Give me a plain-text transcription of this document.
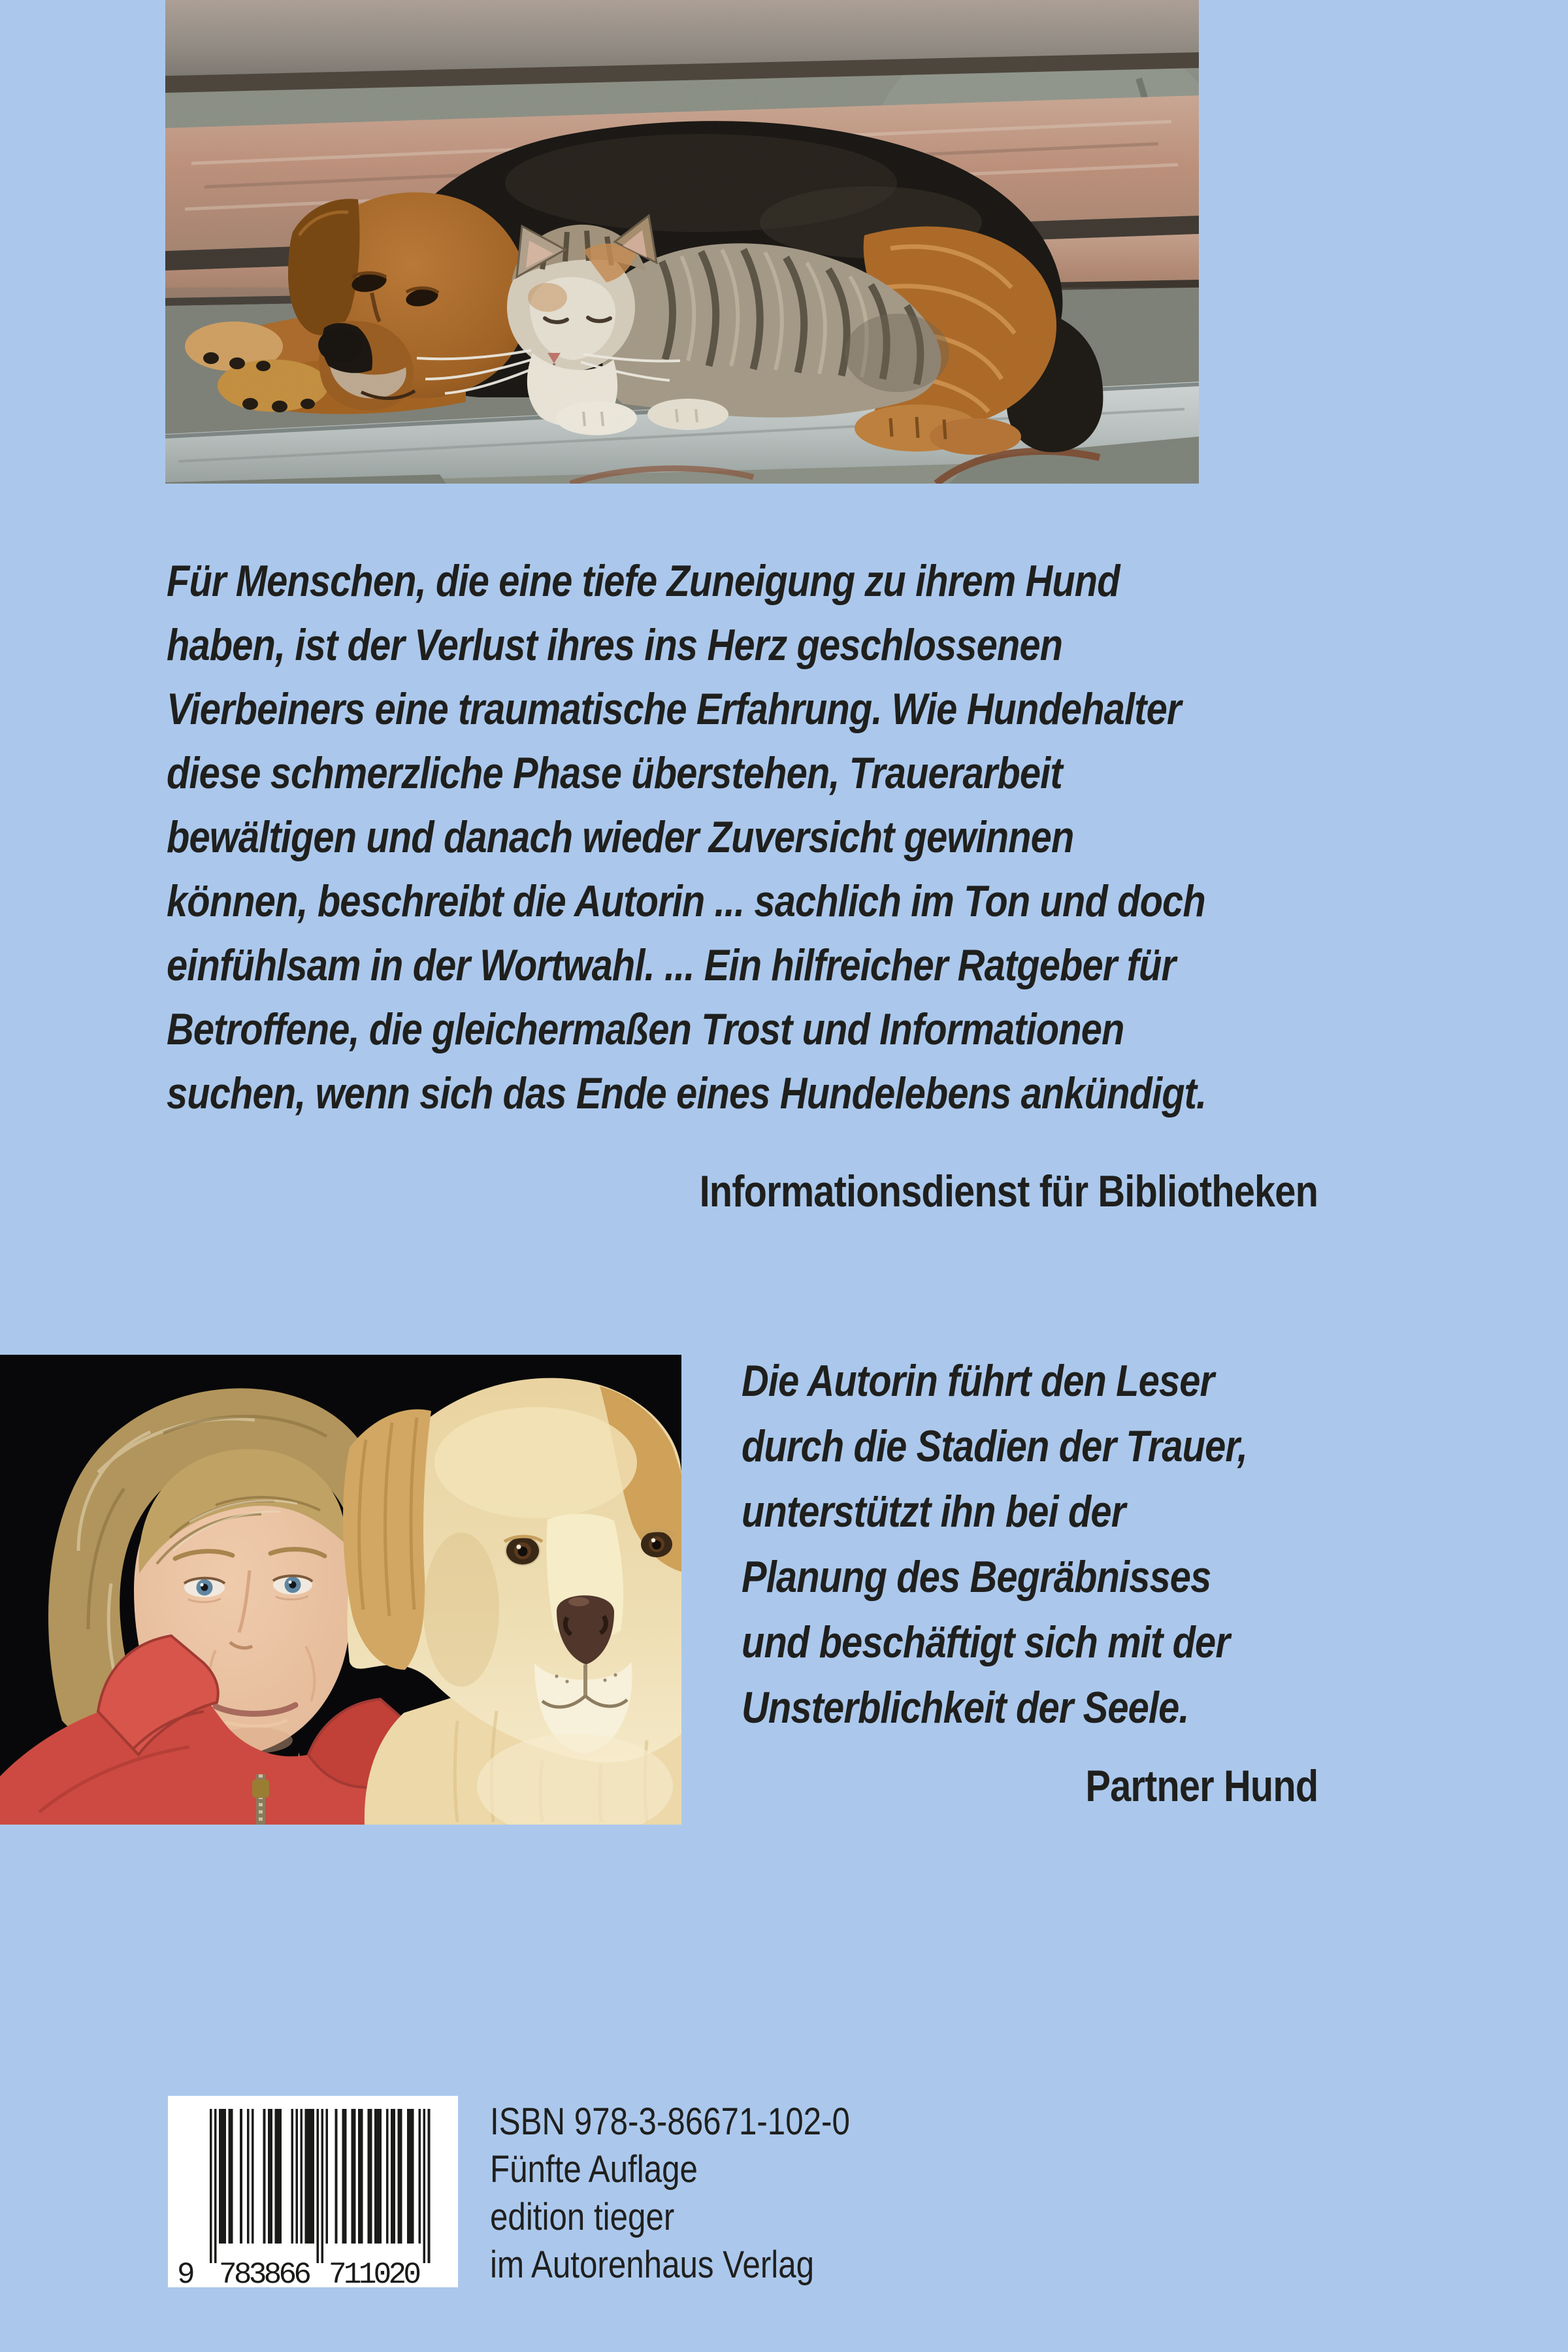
Für Menschen, die eine tiefe Zuneigung zu ihrem Hund
haben, ist der Verlust ihres ins Herz geschlossenen
Vierbeiners eine traumatische Erfahrung. Wie Hundehalter
diese schmerzliche Phase überstehen, Trauerarbeit
bewältigen und danach wieder Zuversicht gewinnen
können, beschreibt die Autorin ... sachlich im Ton und doch
einfühlsam in der Wortwahl. ... Ein hilfreicher Ratgeber für
Betroffene, die gleichermaßen Trost und Informationen
suchen, wenn sich das Ende eines Hundelebens ankündigt.
Informationsdienst für Bibliotheken
Die Autorin führt den Leser
durch die Stadien der Trauer,
unterstützt ihn bei der
Planung des Begräbnisses
und beschäftigt sich mit der
Unsterblichkeit der Seele.
Partner Hund
9 783866 711020
ISBN 978-3-86671-102-0
Fünfte Auflage
edition tieger
im Autorenhaus Verlag
